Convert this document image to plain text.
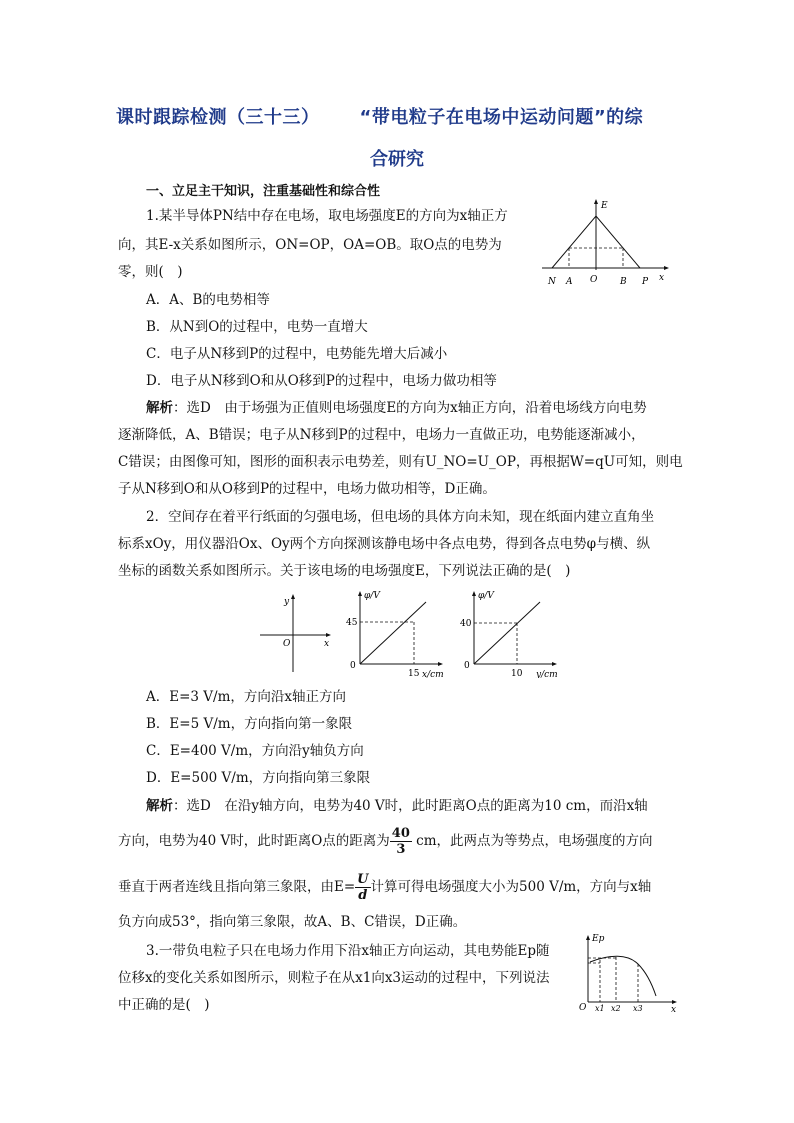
课时跟踪检测（三十三） “带电粒子在电场中运动问题”的综
合研究
一、立足主干知识，注重基础性和综合性
1.某半导体PN结中存在电场，取电场强度E的方向为x轴正方
向，其E-x关系如图所示，ON=OP，OA=OB。取O点的电势为
零，则(　)
E
x
N A O	B P
A．A、B的电势相等
B．从N到O的过程中，电势一直增大
C．电子从N移到P的过程中，电势能先增大后减小
D．电子从N移到O和从O移到P的过程中，电场力做功相等
解析：选D　由于场强为正值则电场强度E的方向为x轴正方向，沿着电场线方向电势
逐渐降低，A、B错误；电子从N移到P的过程中，电场力一直做正功，电势能逐渐减小，
C错误；由图像可知，图形的面积表示电势差，则有U_NO=U_OP，再根据W=qU可知，则电
子从N移到O和从O移到P的过程中，电场力做功相等，D正确。
2．空间存在着平行纸面的匀强电场，但电场的具体方向未知，现在纸面内建立直角坐
标系xOy，用仪器沿Ox、Oy两个方向探测该静电场中各点电势，得到各点电势φ与横、纵
坐标的函数关系如图所示。关于该电场的电场强度E，下列说法正确的是(　)
y
x
O
φ/V
45
0
15 x/cm
φ/V
40
0
10 y/cm
A．E=3 V/m，方向沿x轴正方向
B．E=5 V/m，方向指向第一象限
C．E=400 V/m，方向沿y轴负方向
D．E=500 V/m，方向指向第三象限
解析：选D　在沿y轴方向，电势为40 V时，此时距离O点的距离为10 cm，而沿x轴
方向，电势为40 V时，此时距离O点的距离为 $\frac{40}{3}$ cm，此两点为等势点，电场强度的方向
垂直于两者连线且指向第三象限，由$E= \frac{U}{d}$ 计算可得电场强度大小为500 V/m，方向与x轴
负方向成53°，指向第三象限，故A、B、C错误，D正确。
3.一带负电粒子只在电场力作用下沿x轴正方向运动，其电势能Ep随
位移x的变化关系如图所示，则粒子在从x1向x3运动的过程中，下列说法
中正确的是(　)
Ep
O x1 x2 x3	x
